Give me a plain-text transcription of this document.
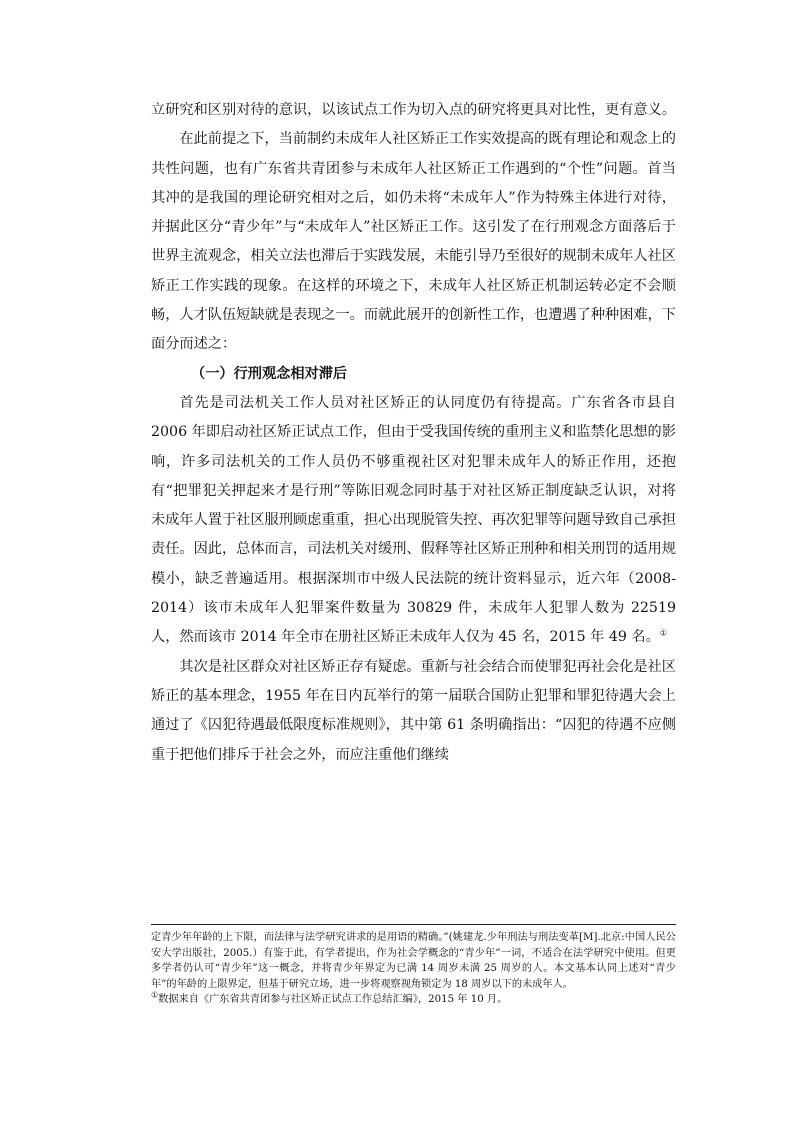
立研究和区别对待的意识，以该试点工作为切入点的研究将更具对比性，更有意义。

在此前提之下，当前制约未成年人社区矫正工作实效提高的既有理论和观念上的共性问题，也有广东省共青团参与未成年人社区矫正工作遇到的“个性”问题。首当其冲的是我国的理论研究相对之后，如仍未将“未成年人”作为特殊主体进行对待，并据此区分“青少年”与“未成年人”社区矫正工作。这引发了在行刑观念方面落后于世界主流观念，相关立法也滞后于实践发展，未能引导乃至很好的规制未成年人社区矫正工作实践的现象。在这样的环境之下，未成年人社区矫正机制运转必定不会顺畅，人才队伍短缺就是表现之一。而就此展开的创新性工作，也遭遇了种种困难，下面分而述之：

（一）行刑观念相对滞后

首先是司法机关工作人员对社区矫正的认同度仍有待提高。广东省各市县自 2006 年即启动社区矫正试点工作，但由于受我国传统的重刑主义和监禁化思想的影响，许多司法机关的工作人员仍不够重视社区对犯罪未成年人的矫正作用，还抱有“把罪犯关押起来才是行刑”等陈旧观念同时基于对社区矫正制度缺乏认识，对将未成年人置于社区服刑顾虑重重，担心出现脱管失控、再次犯罪等问题导致自己承担责任。因此，总体而言，司法机关对缓刑、假释等社区矫正刑种和相关刑罚的适用规模小，缺乏普遍适用。根据深圳市中级人民法院的统计资料显示，近六年（2008-2014）该市未成年人犯罪案件数量为 30829 件，未成年人犯罪人数为 22519 人，然而该市 2014 年全市在册社区矫正未成年人仅为 45 名，2015 年 49 名。①

其次是社区群众对社区矫正存有疑虑。重新与社会结合而使罪犯再社会化是社区矫正的基本理念，1955 年在日内瓦举行的第一届联合国防止犯罪和罪犯待遇大会上通过了《囚犯待遇最低限度标准规则》，其中第 61 条明确指出：“囚犯的待遇不应侧重于把他们排斥于社会之外，而应注重他们继续

定青少年年龄的上下限，而法律与法学研究讲求的是用语的精确。”(姚建龙.少年刑法与刑法变革[M].北京:中国人民公安大学出版社，2005.）有鉴于此，有学者提出，作为社会学概念的“青少年”一词，不适合在法学研究中使用。但更多学者仍认可“青少年”这一概念，并将青少年界定为已满 14 周岁未满 25 周岁的人。本文基本认同上述对“青少年”的年龄的上限界定，但基于研究立场，进一步将观察视角锁定为 18 周岁以下的未成年人。

①数据来自《广东省共青团参与社区矫正试点工作总结汇编》，2015 年 10 月。
